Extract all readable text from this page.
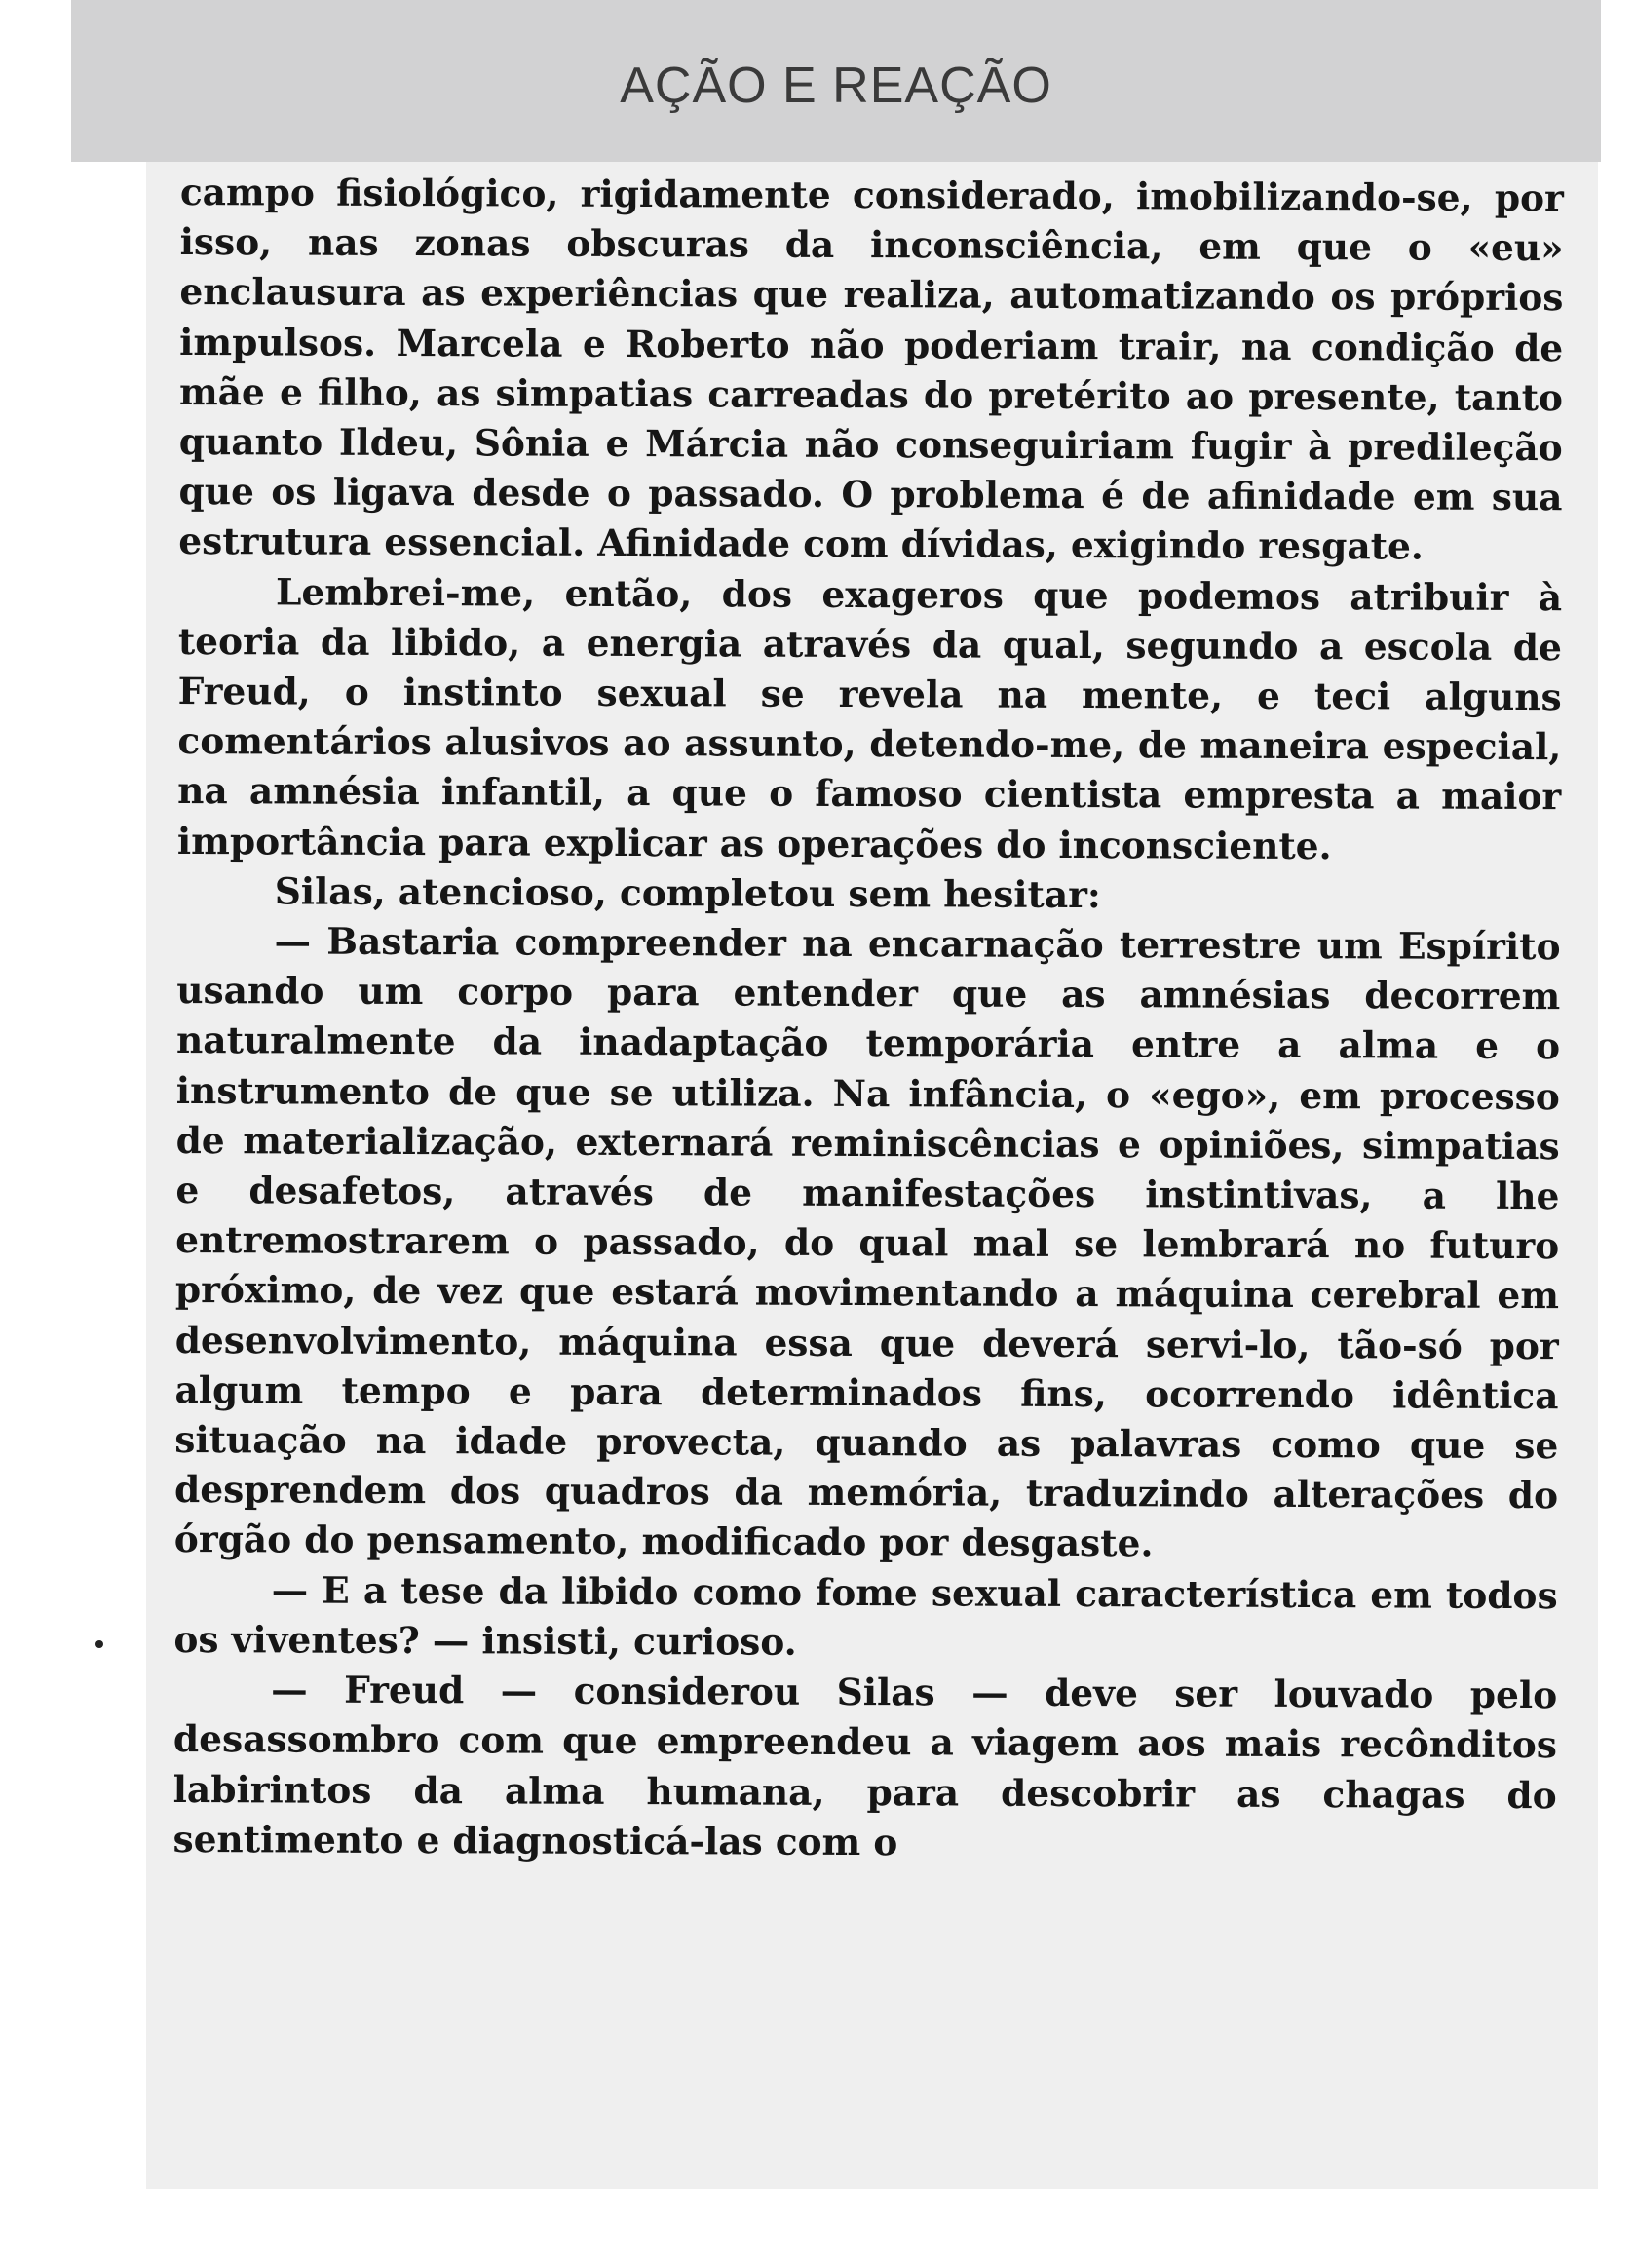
AÇÃO E REAÇÃO

campo fisiológico, rigidamente considerado, imobilizando-se, por isso, nas zonas obscuras da inconsciência, em que o «eu» enclausura as experiências que realiza, automatizando os próprios impulsos. Marcela e Roberto não poderiam trair, na condição de mãe e filho, as simpatias carreadas do pretérito ao presente, tanto quanto Ildeu, Sônia e Márcia não conseguiriam fugir à predileção que os ligava desde o passado. O problema é de afinidade em sua estrutura essencial. Afinidade com dívidas, exigindo resgate.

Lembrei-me, então, dos exageros que podemos atribuir à teoria da libido, a energia através da qual, segundo a escola de Freud, o instinto sexual se revela na mente, e teci alguns comentários alusivos ao assunto, detendo-me, de maneira especial, na amnésia infantil, a que o famoso cientista empresta a maior importância para explicar as operações do inconsciente.

Silas, atencioso, completou sem hesitar:

— Bastaria compreender na encarnação terrestre um Espírito usando um corpo para entender que as amnésias decorrem naturalmente da inadaptação temporária entre a alma e o instrumento de que se utiliza. Na infância, o «ego», em processo de materialização, externará reminiscências e opiniões, simpatias e desafetos, através de manifestações instintivas, a lhe entremostrarem o passado, do qual mal se lembrará no futuro próximo, de vez que estará movimentando a máquina cerebral em desenvolvimento, máquina essa que deverá servi-lo, tão-só por algum tempo e para determinados fins, ocorrendo idêntica situação na idade provecta, quando as palavras como que se desprendem dos quadros da memória, traduzindo alterações do órgão do pensamento, modificado por desgaste.

— E a tese da libido como fome sexual característica em todos os viventes? — insisti, curioso.

— Freud — considerou Silas — deve ser louvado pelo desassombro com que empreendeu a viagem aos mais recônditos labirintos da alma humana, para descobrir as chagas do sentimento e diagnosticá-las com o
